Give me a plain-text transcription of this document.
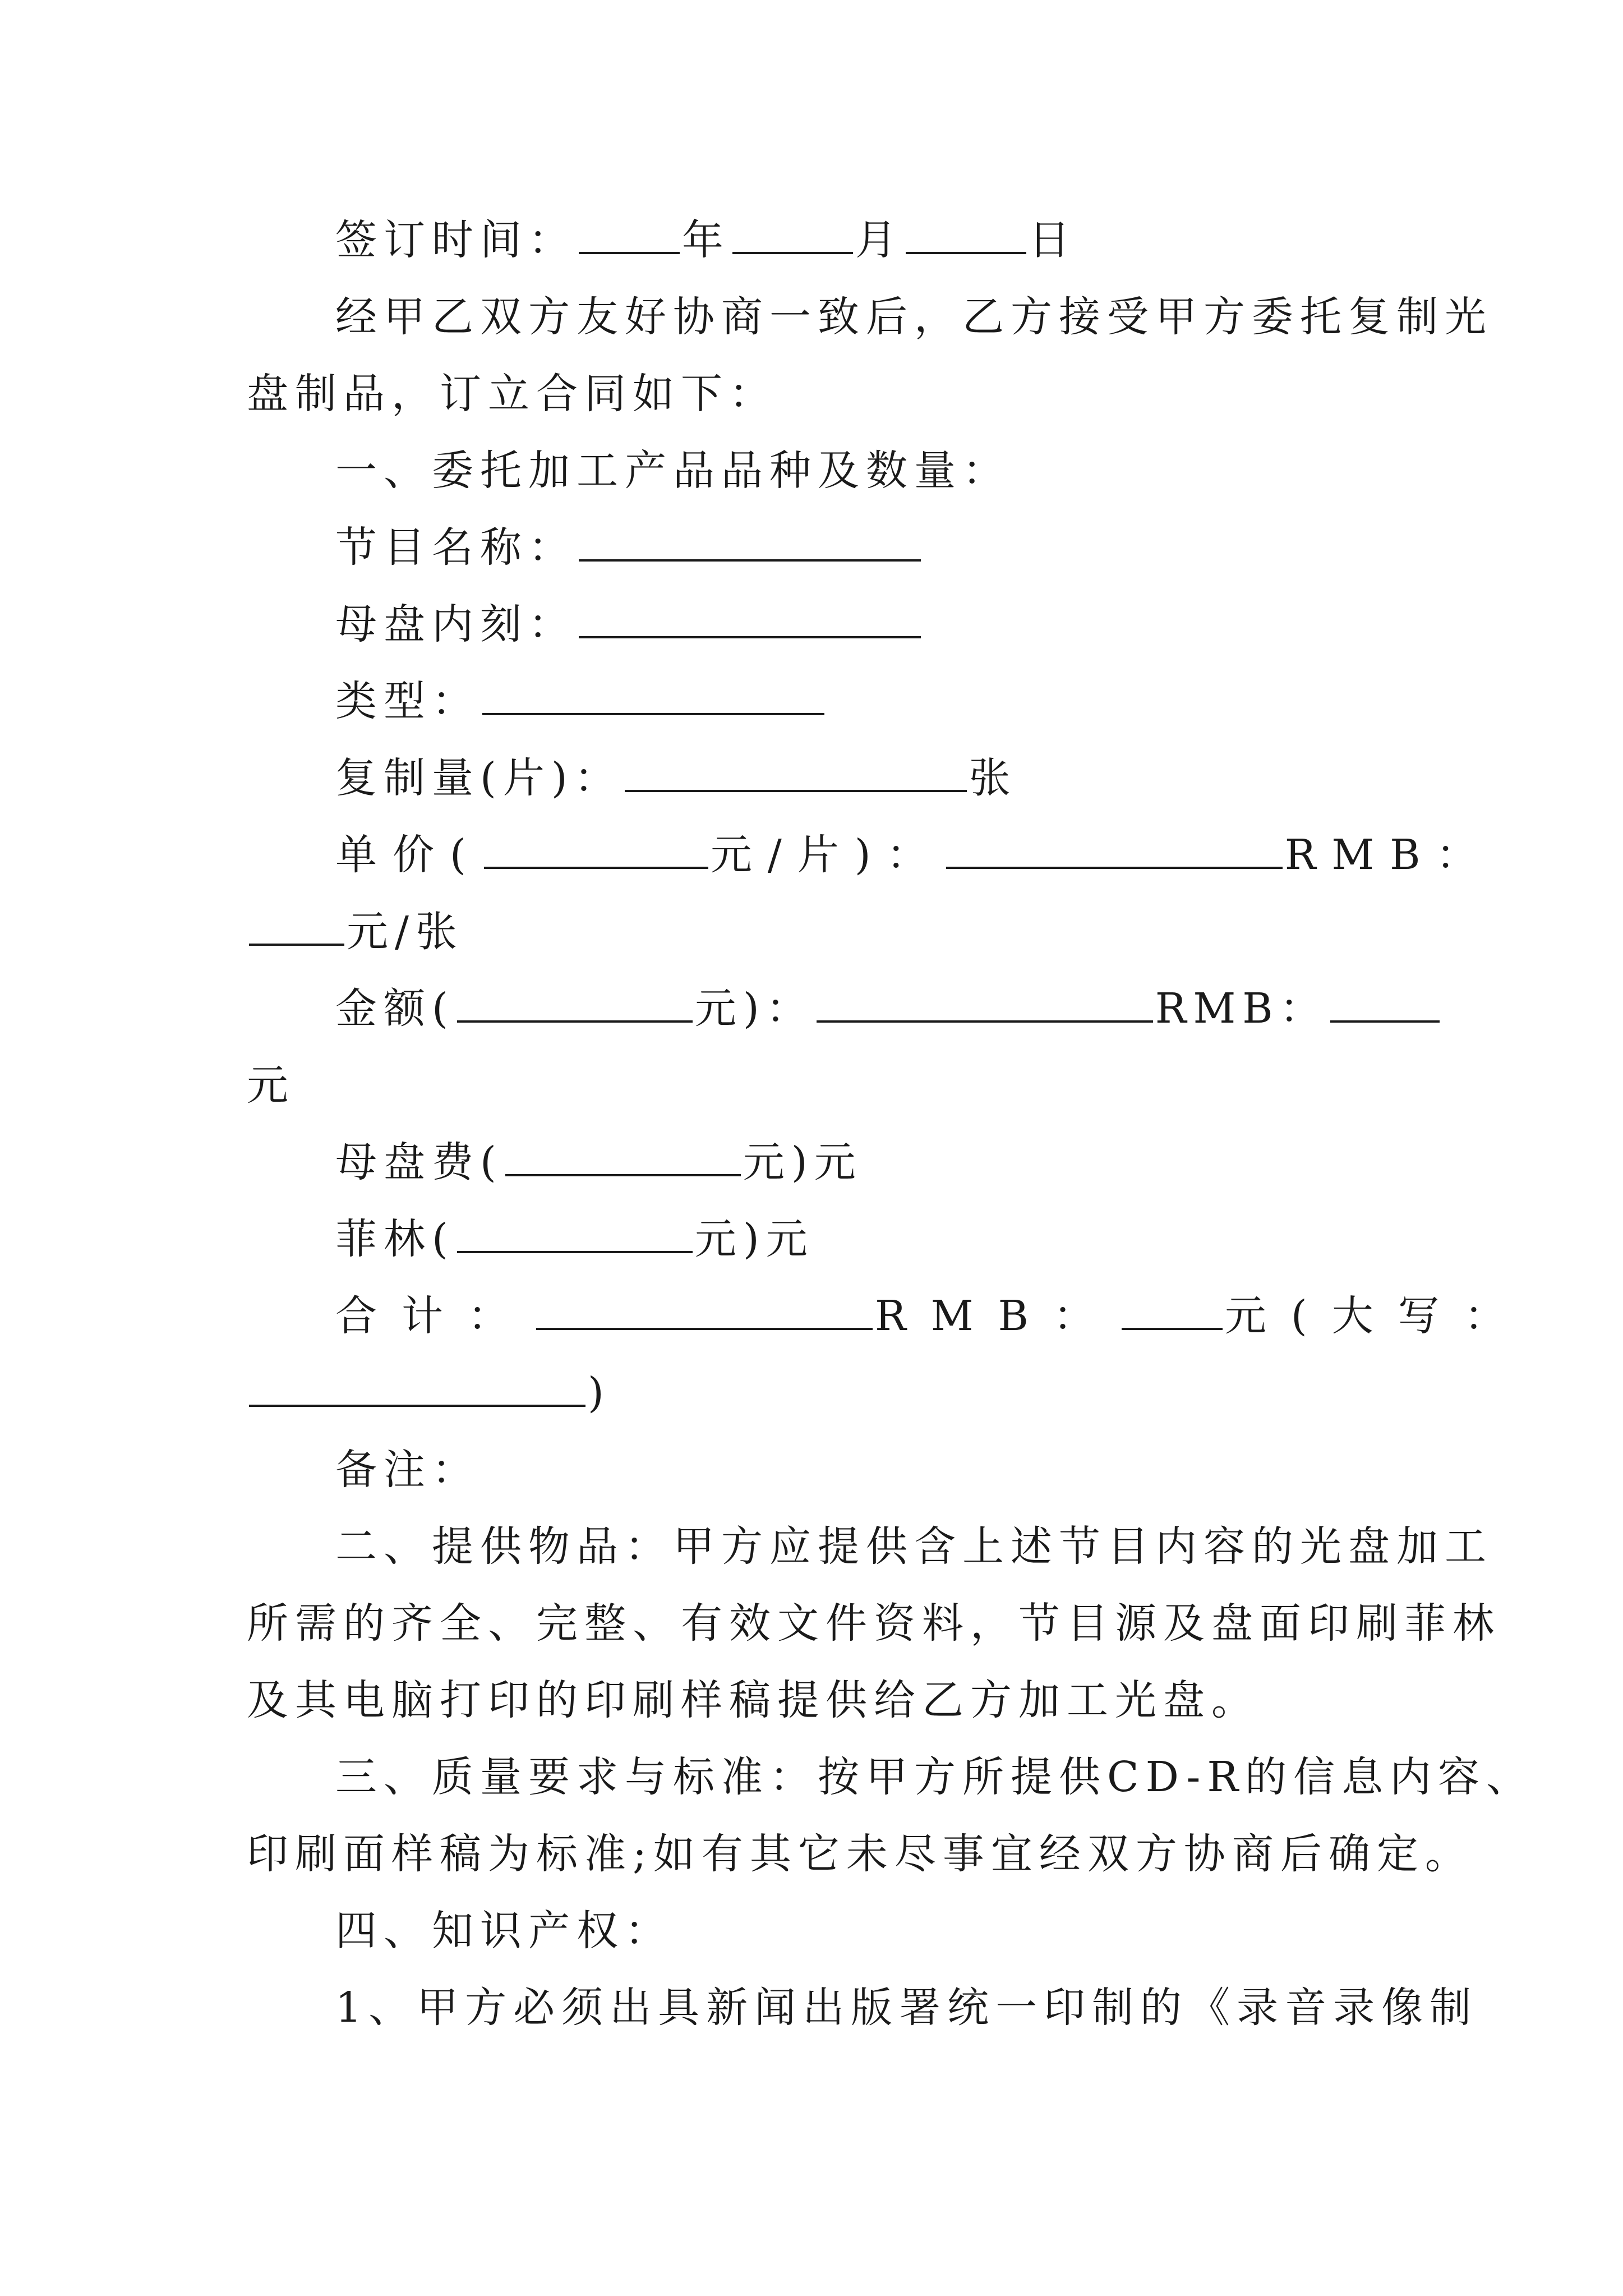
签订时间：	年	月	日
经甲乙双方友好协商一致后，乙方接受甲方委托复制光
盘制品，订立合同如下：
一、委托加工产品品种及数量：
节目名称：
母盘内刻：
类型：
复制量(片)：	张
单价(	元/片)：	RMB：
元/张
金额(	元)：	RMB：
元
母盘费(	元)元
菲林(	元)元
合计：	RMB：	元(大写：
)
备注：
二、提供物品：甲方应提供含上述节目内容的光盘加工
所需的齐全、完整、有效文件资料，节目源及盘面印刷菲林
及其电脑打印的印刷样稿提供给乙方加工光盘。
三、质量要求与标准：按甲方所提供CD-R的信息内容、
印刷面样稿为标准;如有其它未尽事宜经双方协商后确定。
四、知识产权：
1、甲方必须出具新闻出版署统一印制的《录音录像制
